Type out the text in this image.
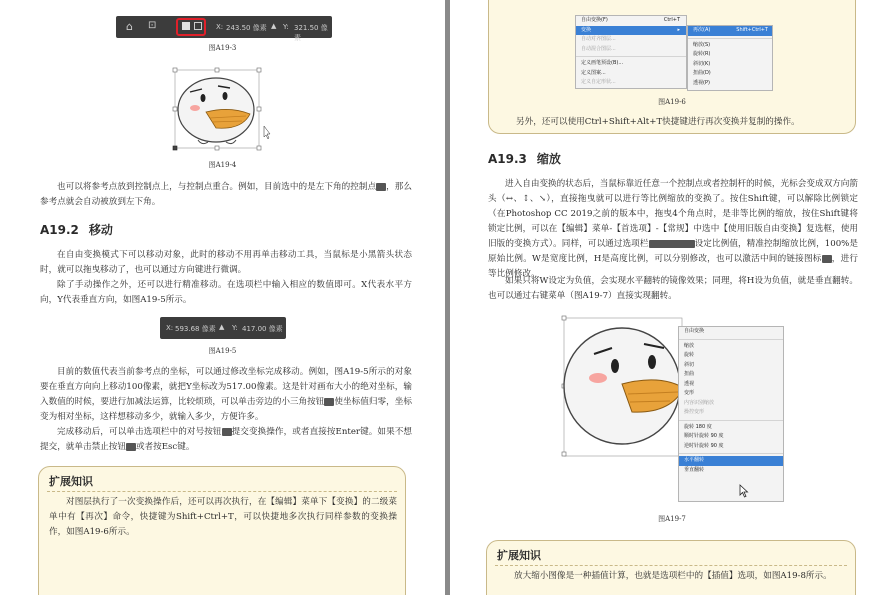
⌂ ⊡	X: 243.50 像素 ▲ Y: 321.50 像素
图A19-3
图A19-4
也可以将参考点放到控制点上，与控制点重合。例如，目前选中的是左下角的控制点 ，那么参考点就会自动被放到左下角。
A19.2 移动
在自由变换模式下可以移动对象，此时的移动不用再单击移动工具，当鼠标是小黑箭头状态时，就可以拖曳移动了，也可以通过方向键进行微调。
除了手动操作之外，还可以进行精准移动。在选项栏中输入相应的数值即可。X代表水平方向，Y代表垂直方向，如图A19-5所示。
X: 593.68 像素 ▲ Y: 417.00 像素
图A19-5
目前的数值代表当前参考点的坐标，可以通过修改坐标完成移动。例如，图A19-5所示的对象要在垂直方向向上移动100像素，就把Y坐标改为517.00像素。这是针对画布大小的绝对坐标，输入数值的时候，要进行加减法运算，比较烦琐，可以单击旁边的小三角按钮 使坐标值归零，坐标变为相对坐标，这样想移动多少，就输入多少，方便许多。
完成移动后，可以单击选项栏中的对号按钮 提交变换操作，或者直接按Enter键。如果不想提交，就单击禁止按钮 或者按Esc键。
扩展知识
对图层执行了一次变换操作后，还可以再次执行，在【编辑】菜单下【变换】的二级菜单中有【再次】命令，快捷键为Shift+Ctrl+T，可以快捷地多次执行同样参数的变换操作，如图A19-6所示。
自由变换(F)	Ctrl+T
变换	▸
自动对齐图层...
自动混合图层...
定义画笔预设(B)...
定义图案...
定义自定形状...
再次(A)	Shift+Ctrl+T
缩放(S)
旋转(R)
斜切(K)
扭曲(D)
透视(P)
图A19-6
另外，还可以使用Ctrl+Shift+Alt+T快捷键进行再次变换并复制的操作。
A19.3 缩放
进入自由变换的状态后，当鼠标靠近任意一个控制点或者控制杆的时候，光标会变成双方向箭头（↔、↕、↘），直接拖曳就可以进行等比例缩放的变换了。按住Shift键，可以解除比例锁定（在Photoshop CC 2019之前的版本中，拖曳4个角点时，是非等比例的缩放，按住Shift键将锁定比例，可以在【编辑】菜单-【首选项】-【常规】中选中【使用旧版自由变换】复选框，使用旧版的变换方式）。同样，可以通过选项栏	设定比例值，精准控制缩放比例，100%是原始比例。W是宽度比例，H是高度比例，可以分别修改，也可以激活中间的链接图标 ，进行等比例修改。
如果只将W设定为负值，会实现水平翻转的镜像效果；同理，将H设为负值，就是垂直翻转。也可以通过右键菜单（图A19-7）直接实现翻转。
自由变换
缩放
旋转
斜切
扭曲
透视
变形
内容识别缩放
操控变形
旋转 180 度
顺时针旋转 90 度
逆时针旋转 90 度
水平翻转
垂直翻转
图A19-7
扩展知识
放大缩小图像是一种插值计算，也就是选项栏中的【插值】选项，如图A19-8所示。
